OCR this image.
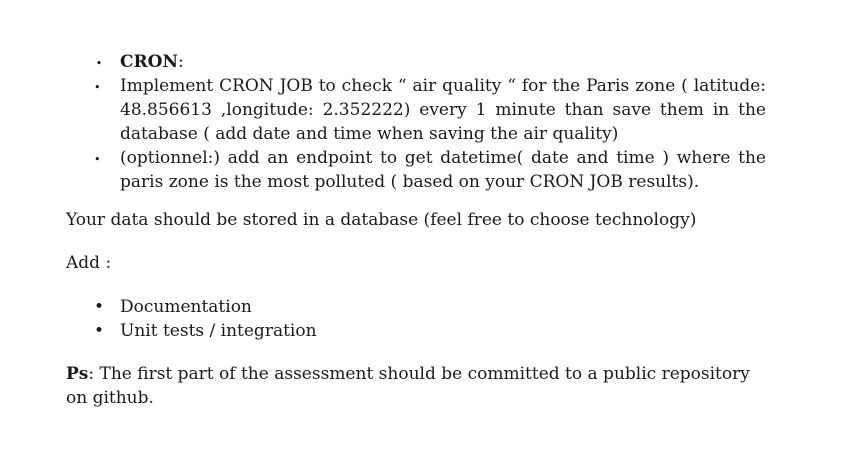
•
CRON:
•
Implement CRON JOB to check “ air quality “ for the Paris zone ( latitude: 48.856613 ,longitude: 2.352222) every 1 minute than save them in the database ( add date and time when saving the air quality)
•
(optionnel:) add an endpoint to get datetime( date and time ) where the paris zone is the most polluted ( based on your CRON JOB results).

Your data should be stored in a database (feel free to choose technology)

Add :

•
Documentation
•
Unit tests / integration

Ps: The first part of the assessment should be committed to a public repository on github.
